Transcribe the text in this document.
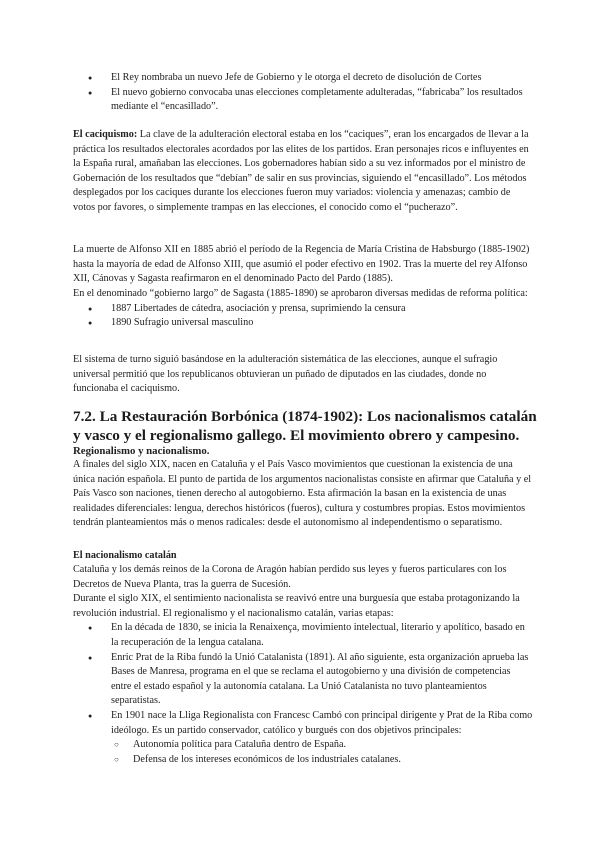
● El Rey nombraba un nuevo Jefe de Gobierno y le otorga el decreto de disolución de Cortes
● El nuevo gobierno convocaba unas elecciones completamente adulteradas, “fabricaba” los resultados mediante el “encasillado”.

El caciquismo: La clave de la adulteración electoral estaba en los “caciques”, eran los encargados de llevar a la práctica los resultados electorales acordados por las elites de los partidos. Eran personajes ricos e influyentes en la España rural, amañaban las elecciones. Los gobernadores habían sido a su vez informados por el ministro de Gobernación de los resultados que “debían” de salir en sus provincias, siguiendo el “encasillado”. Los métodos desplegados por los caciques durante los elecciones fueron muy variados: violencia y amenazas; cambio de votos por favores, o simplemente trampas en las elecciones, el conocido como el “pucherazo”.

La muerte de Alfonso XII en 1885 abrió el período de la Regencia de María Cristina de Habsburgo (1885-1902) hasta la mayoría de edad de Alfonso XIII, que asumió el poder efectivo en 1902. Tras la muerte del rey Alfonso XII, Cánovas y Sagasta reafirmaron en el denominado Pacto del Pardo (1885).

En el denominado “gobierno largo” de Sagasta (1885-1890) se aprobaron diversas medidas de reforma política:
● 1887 Libertades de cátedra, asociación y prensa, suprimiendo la censura
● 1890 Sufragio universal masculino

El sistema de turno siguió basándose en la adulteración sistemática de las elecciones, aunque el sufragio universal permitió que los republicanos obtuvieran un puñado de diputados en las ciudades, donde no funcionaba el caciquismo.

7.2. La Restauración Borbónica (1874-1902): Los nacionalismos catalán y vasco y el regionalismo gallego. El movimiento obrero y campesino.
Regionalismo y nacionalismo.

A finales del siglo XIX, nacen en Cataluña y el País Vasco movimientos que cuestionan la existencia de una única nación española. El punto de partida de los argumentos nacionalistas consiste en afirmar que Cataluña y el País Vasco son naciones, tienen derecho al autogobierno. Esta afirmación la basan en la existencia de unas realidades diferenciales: lengua, derechos históricos (fueros), cultura y costumbres propias. Estos movimientos tendrán planteamientos más o menos radicales: desde el autonomismo al independentismo o separatismo.

El nacionalismo catalán
Cataluña y los demás reinos de la Corona de Aragón habían perdido sus leyes y fueros particulares con los Decretos de Nueva Planta, tras la guerra de Sucesión.
Durante el siglo XIX, el sentimiento nacionalista se reavivó entre una burguesía que estaba protagonizando la revolución industrial. El regionalismo y el nacionalismo catalán, varias etapas:
● En la década de 1830, se inicia la Renaixença, movimiento intelectual, literario y apolítico, basado en la recuperación de la lengua catalana.
● Enric Prat de la Riba fundó la Unió Catalanista (1891). Al año siguiente, esta organización aprueba las Bases de Manresa, programa en el que se reclama el autogobierno y una división de competencias entre el estado español y la autonomía catalana. La Unió Catalanista no tuvo planteamientos separatistas.
● En 1901 nace la Lliga Regionalista con Francesc Cambó con principal dirigente y Prat de la Riba como ideólogo. Es un partido conservador, católico y burgués con dos objetivos principales:
○ Autonomía política para Cataluña dentro de España.
○ Defensa de los intereses económicos de los industriales catalanes.
